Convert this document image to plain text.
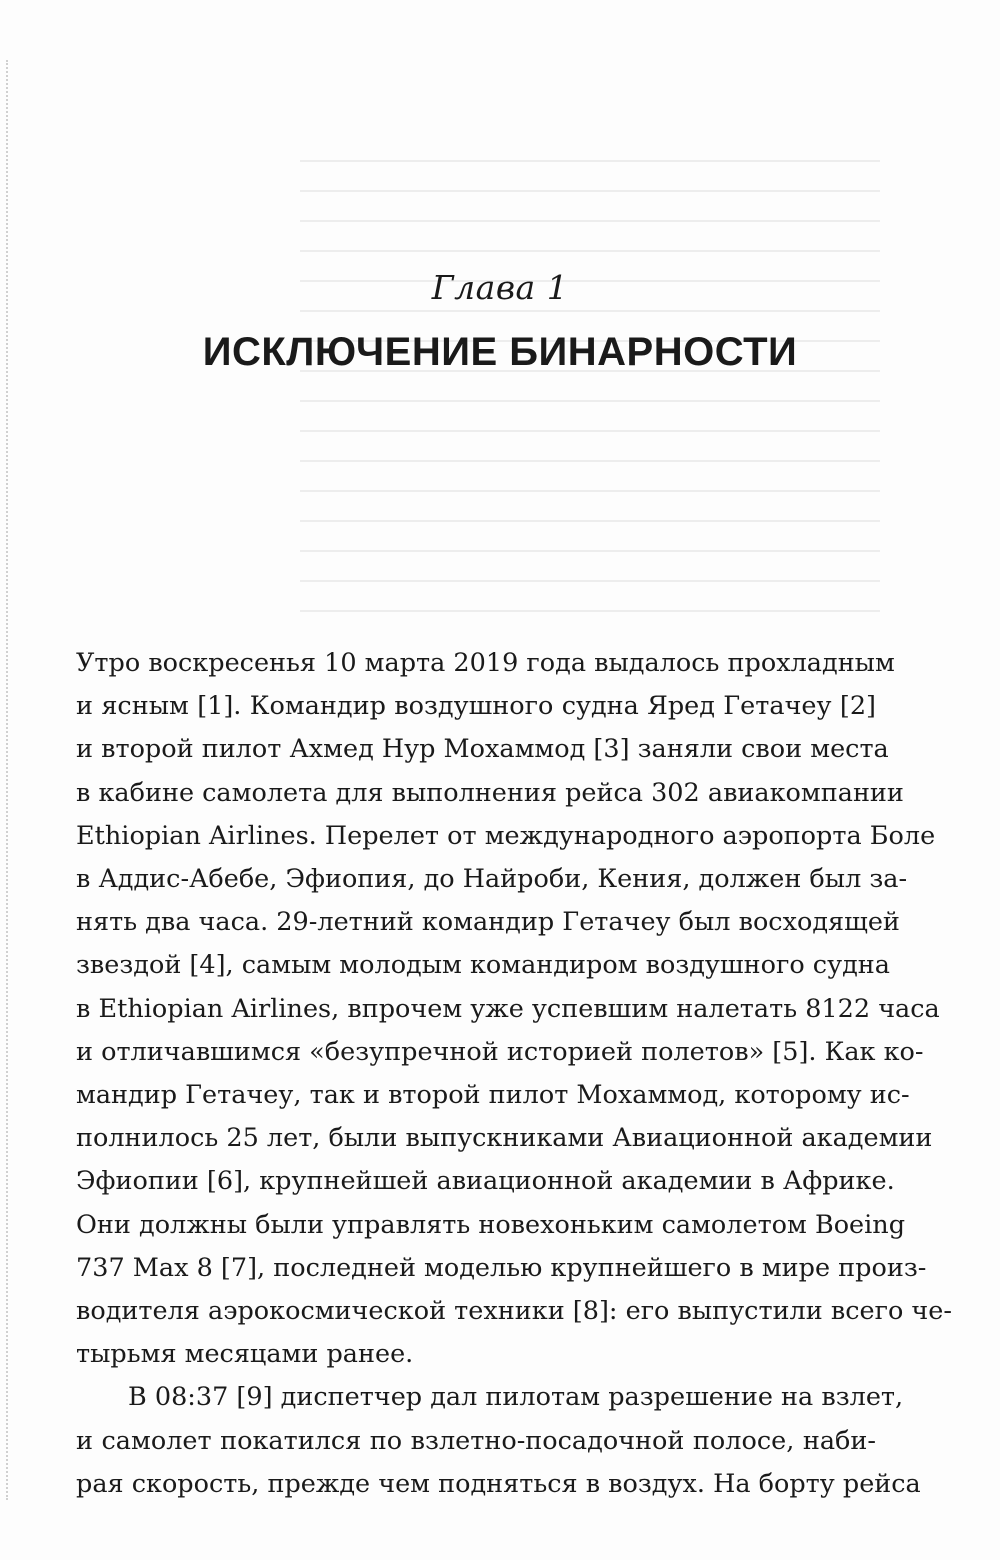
Глава 1
ИСКЛЮЧЕНИЕ БИНАРНОСТИ

Утро воскресенья 10 марта 2019 года выдалось прохладным
и ясным [1]. Командир воздушного судна Яред Гетачеу [2]
и второй пилот Ахмед Нур Мохаммод [3] заняли свои места
в кабине самолета для выполнения рейса 302 авиакомпании
Ethiopian Airlines. Перелет от международного аэропорта Боле
в Аддис-Абебе, Эфиопия, до Найроби, Кения, должен был за-
нять два часа. 29-летний командир Гетачеу был восходящей
звездой [4], самым молодым командиром воздушного судна
в Ethiopian Airlines, впрочем уже успевшим налетать 8122 часа
и отличавшимся «безупречной историей полетов» [5]. Как ко-
мандир Гетачеу, так и второй пилот Мохаммод, которому ис-
полнилось 25 лет, были выпускниками Авиационной академии
Эфиопии [6], крупнейшей авиационной академии в Африке.
Они должны были управлять новехоньким самолетом Boeing
737 Max 8 [7], последней моделью крупнейшего в мире произ-
водителя аэрокосмической техники [8]: его выпустили всего че-
тырьмя месяцами ранее.

В 08:37 [9] диспетчер дал пилотам разрешение на взлет,
и самолет покатился по взлетно-посадочной полосе, наби-
рая скорость, прежде чем подняться в воздух. На борту рейса
